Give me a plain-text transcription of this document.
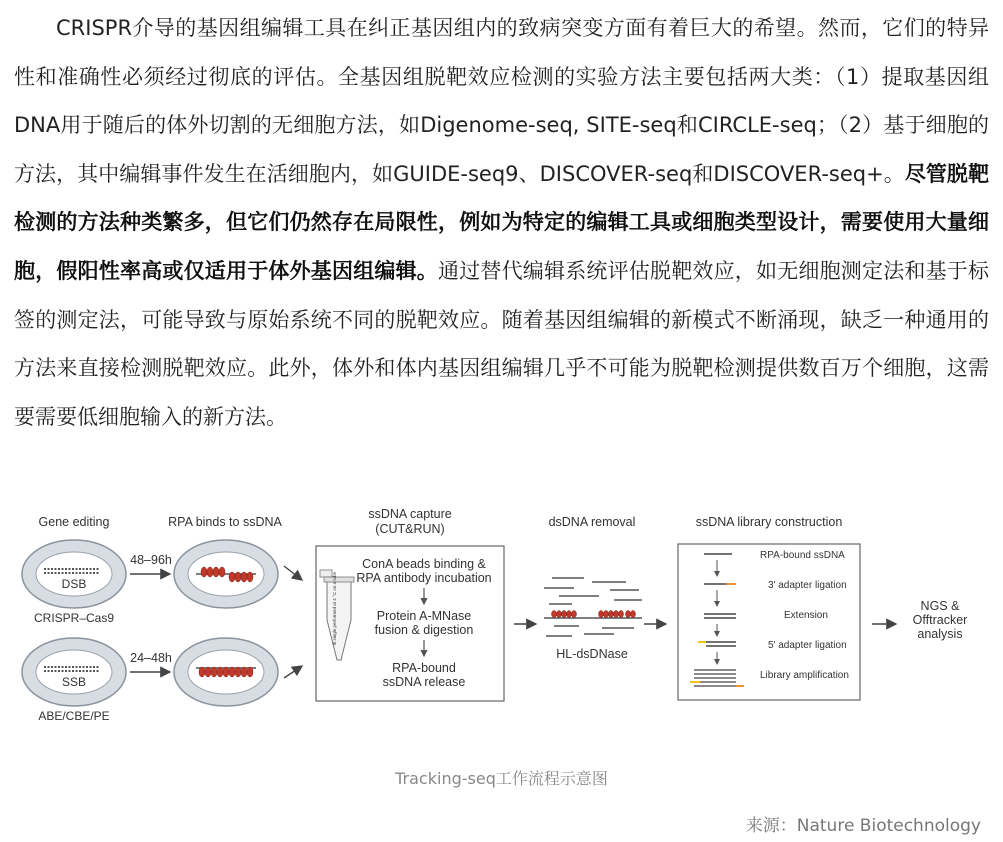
CRISPR介导的基因组编辑工具在纠正基因组内的致病突变方面有着巨大的希望。然而，它们的特异性和准确性必须经过彻底的评估。全基因组脱靶效应检测的实验方法主要包括两大类：（1）提取基因组DNA用于随后的体外切割的无细胞方法，如Digenome-seq, SITE-seq和CIRCLE-seq；（2）基于细胞的方法，其中编辑事件发生在活细胞内，如GUIDE-seq9、DISCOVER-seq和DISCOVER-seq+。尽管脱靶检测的方法种类繁多，但它们仍然存在局限性，例如为特定的编辑工具或细胞类型设计，需要使用大量细胞，假阳性率高或仅适用于体外基因组编辑。通过替代编辑系统评估脱靶效应，如无细胞测定法和基于标签的测定法，可能导致与原始系统不同的脱靶效应。随着基因组编辑的新模式不断涌现，缺乏一种通用的方法来直接检测脱靶效应。此外，体外和体内基因组编辑几乎不可能为脱靶检测提供数百万个细胞，这需要需要低细胞输入的新方法。

Gene editing	RPA binds to ssDNA
ssDNA capture
(CUT&RUN)	dsDNA removal	ssDNA library construction
DSB
CRISPR–Cas9
SSB
ABE/CBE/PE
48–96h
24–48h
lit single performed at 4 °C on a tube
ConA beads binding &
RPA antibody incubation
Protein A-MNase
fusion & digestion
RPA-bound
ssDNA release
HL-dsDNase
RPA-bound ssDNA
3' adapter ligation
Extension
5' adapter ligation
Library amplification
NGS &
Offtracker
analysis
Tracking-seq工作流程示意图
来源：Nature Biotechnology
